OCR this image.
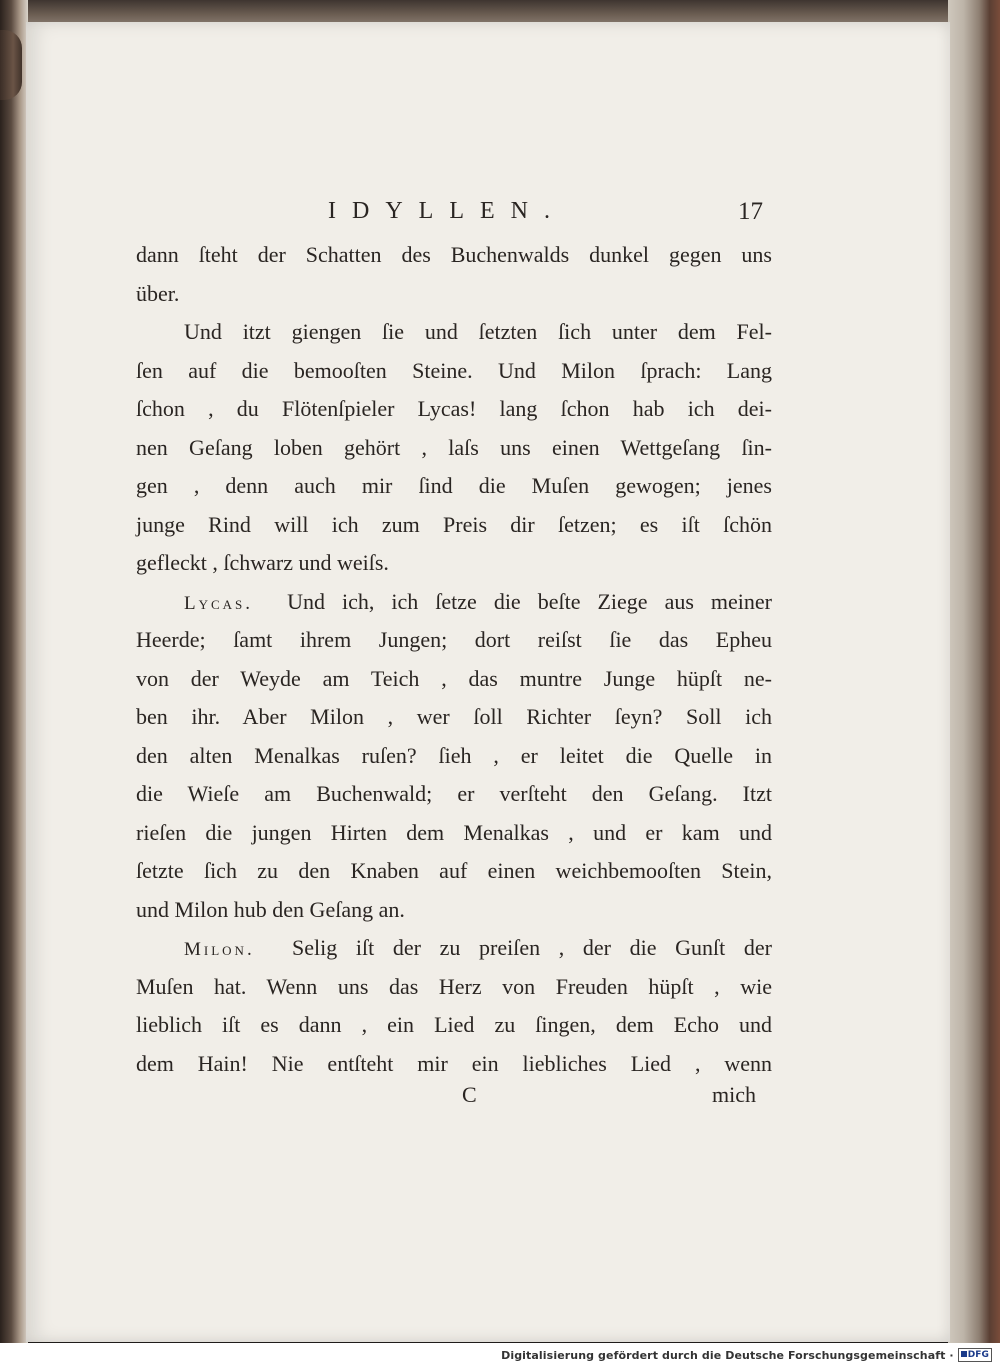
IDYLLEN.	17
dann ſteht der Schatten des Buchenwalds dunkel gegen uns
über.
Und itzt giengen ſie und ſetzten ſich unter dem Fel-
ſen auf die bemooſten Steine. Und Milon ſprach: Lang
ſchon , du Flötenſpieler Lycas! lang ſchon hab ich dei-
nen Geſang loben gehört , laſs uns einen Wettgeſang ſin-
gen , denn auch mir ſind die Muſen gewogen; jenes
junge Rind will ich zum Preis dir ſetzen; es iſt ſchön
gefleckt , ſchwarz und weiſs.
Lycas. Und ich, ich ſetze die beſte Ziege aus meiner
Heerde; ſamt ihrem Jungen; dort reiſst ſie das Epheu
von der Weyde am Teich , das muntre Junge hüpſt ne-
ben ihr. Aber Milon , wer ſoll Richter ſeyn? Soll ich
den alten Menalkas ruſen? ſieh , er leitet die Quelle in
die Wieſe am Buchenwald; er verſteht den Geſang. Itzt
rieſen die jungen Hirten dem Menalkas , und er kam und
ſetzte ſich zu den Knaben auf einen weichbemooſten Stein,
und Milon hub den Geſang an.
Milon. Selig iſt der zu preiſen , der die Gunſt der
Muſen hat. Wenn uns das Herz von Freuden hüpſt , wie
lieblich iſt es dann , ein Lied zu ſingen, dem Echo und
dem Hain! Nie entſteht mir ein liebliches Lied , wenn
C	mich
Digitalisierung gefördert durch die Deutsche Forschungsgemeinschaft ·	DFG
